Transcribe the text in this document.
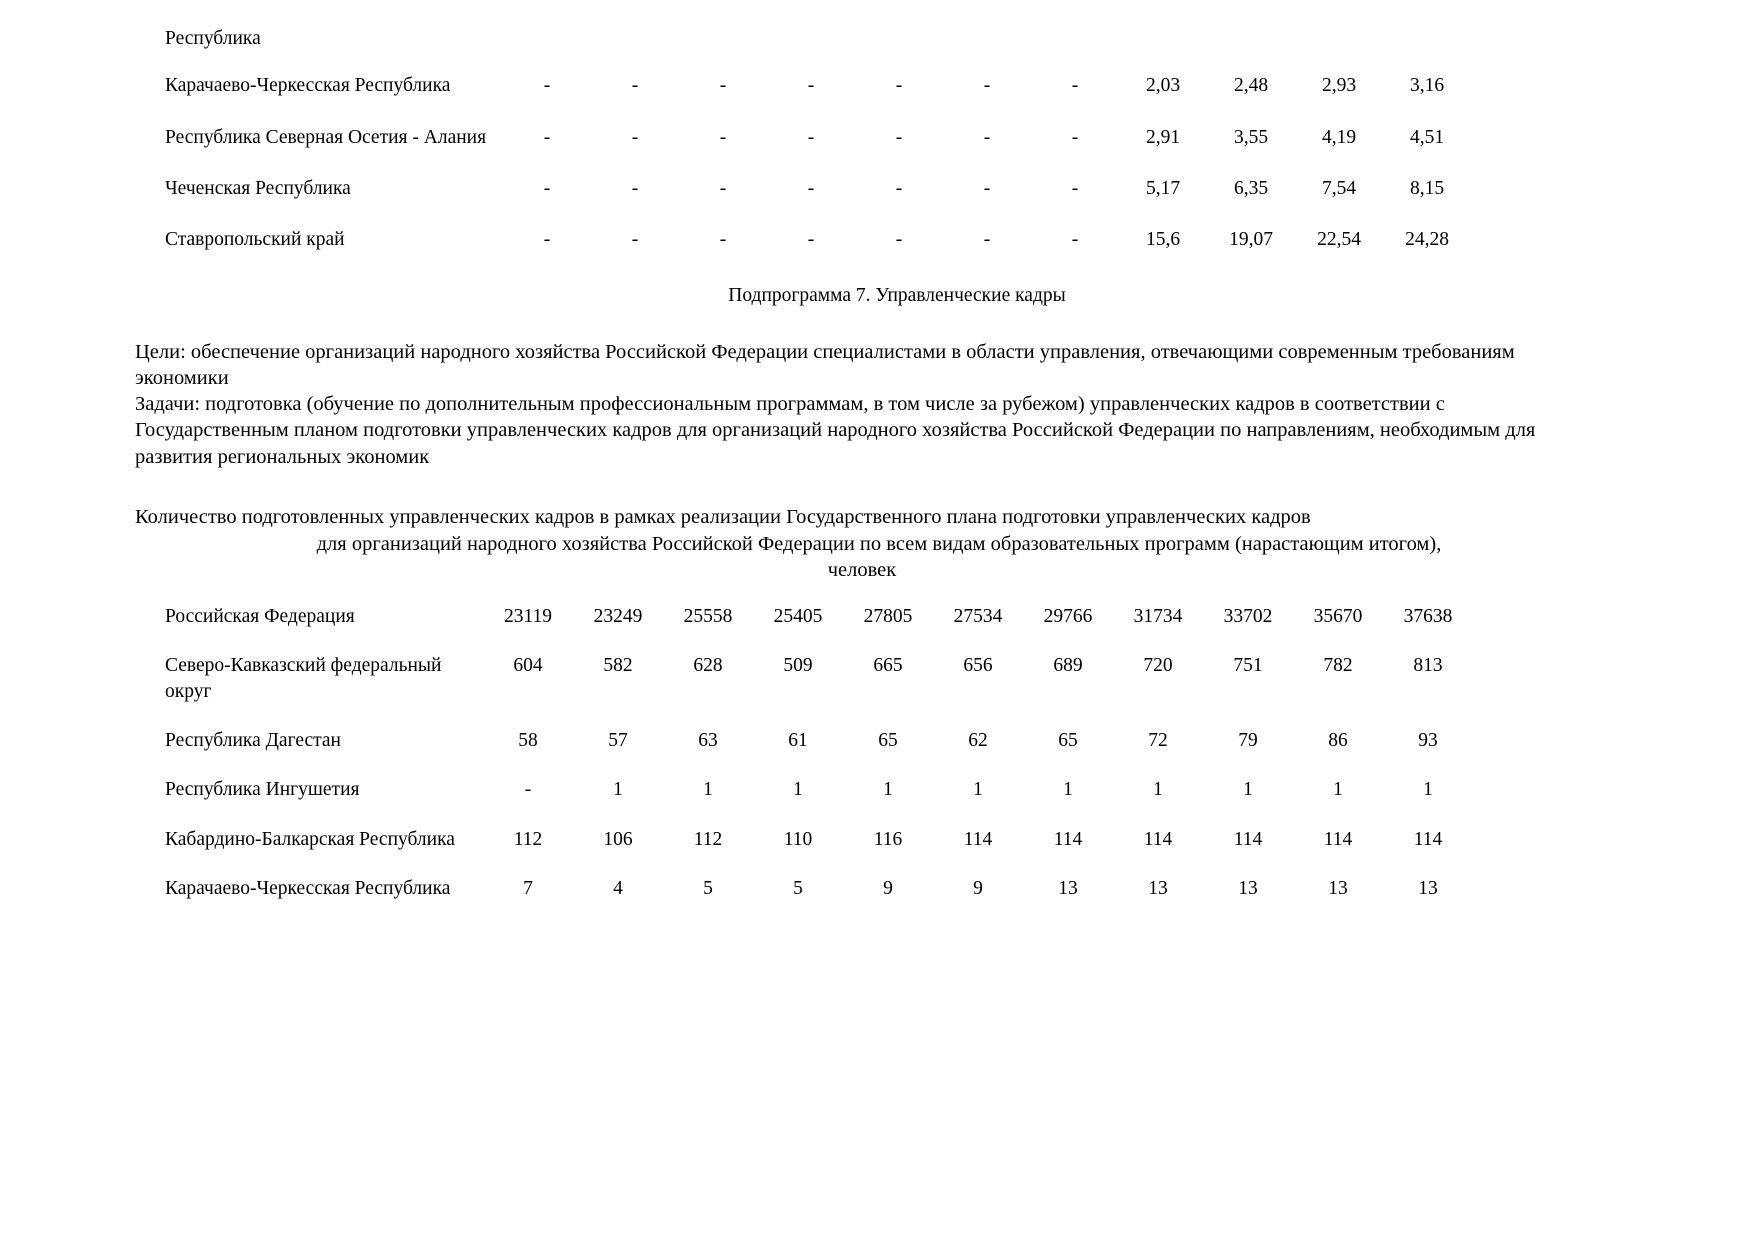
Республика											
Карачаево-Черкесская Республика	-	-	-	-	-	-	-	2,03	2,48	2,93	3,16
Республика Северная Осетия - Алания	-	-	-	-	-	-	-	2,91	3,55	4,19	4,51
Чеченская Республика	-	-	-	-	-	-	-	5,17	6,35	7,54	8,15
Ставропольский край	-	-	-	-	-	-	-	15,6	19,07	22,54	24,28

Подпрограмма 7. Управленческие кадры

Цели: обеспечение организаций народного хозяйства Российской Федерации специалистами в области управления, отвечающими современным требованиям экономики

Задачи: подготовка (обучение по дополнительным профессиональным программам, в том числе за рубежом) управленческих кадров в соответствии с Государственным планом подготовки управленческих кадров для организаций народного хозяйства Российской Федерации по направлениям, необходимым для развития региональных экономик

Количество подготовленных управленческих кадров в рамках реализации Государственного плана подготовки управленческих кадров
для организаций народного хозяйства Российской Федерации по всем видам образовательных программ (нарастающим итогом),
человек
Российская Федерация	23119	23249	25558	25405	27805	27534	29766	31734	33702	35670	37638
Северо-Кавказский федеральный округ	604	582	628	509	665	656	689	720	751	782	813
Республика Дагестан	58	57	63	61	65	62	65	72	79	86	93
Республика Ингушетия	-	1	1	1	1	1	1	1	1	1	1
Кабардино-Балкарская Республика	112	106	112	110	116	114	114	114	114	114	114
Карачаево-Черкесская Республика	7	4	5	5	9	9	13	13	13	13	13
